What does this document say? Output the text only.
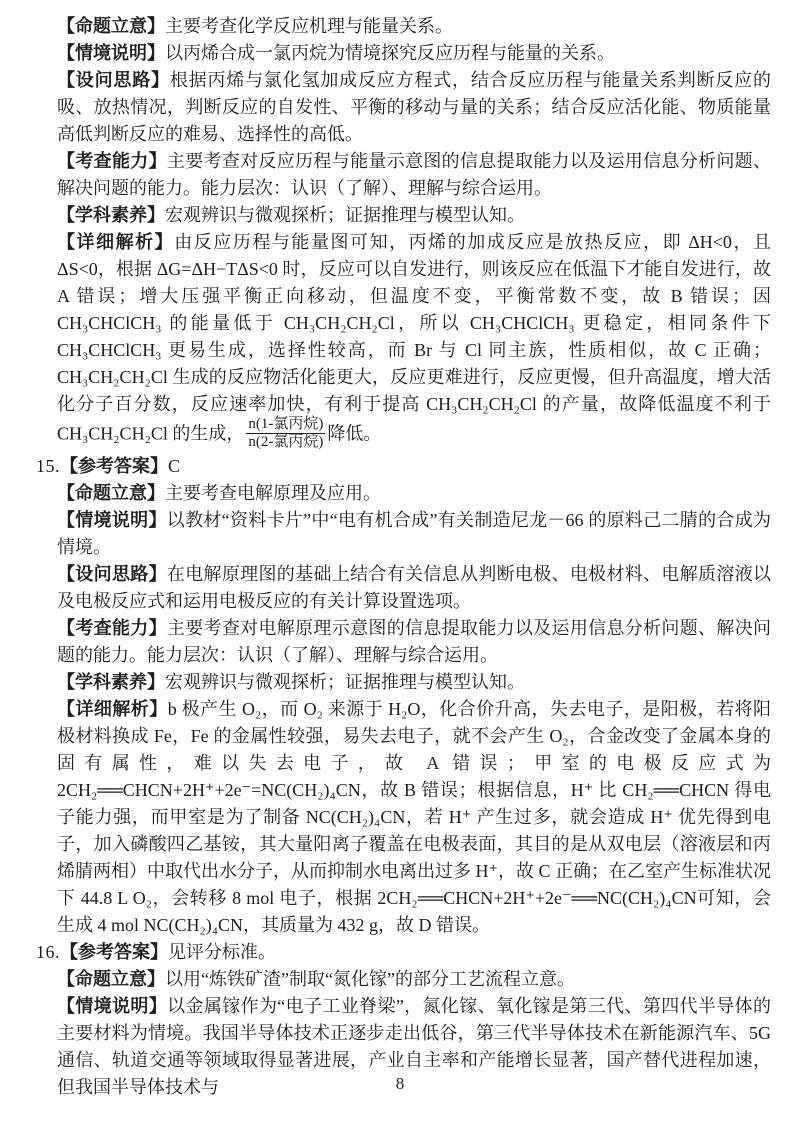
【命题立意】主要考查化学反应机理与能量关系。

【情境说明】以丙烯合成一氯丙烷为情境探究反应历程与能量的关系。

【设问思路】根据丙烯与氯化氢加成反应方程式，结合反应历程与能量关系判断反应的吸、放热情况，判断反应的自发性、平衡的移动与量的关系；结合反应活化能、物质能量高低判断反应的难易、选择性的高低。

【考查能力】主要考查对反应历程与能量示意图的信息提取能力以及运用信息分析问题、解决问题的能力。能力层次：认识（了解）、理解与综合运用。

【学科素养】宏观辨识与微观探析；证据推理与模型认知。

【详细解析】由反应历程与能量图可知，丙烯的加成反应是放热反应，即 ΔH<0，且 ΔS<0，根据 ΔG=ΔH−TΔS<0 时，反应可以自发进行，则该反应在低温下才能自发进行，故 A 错误；增大压强平衡正向移动，但温度不变，平衡常数不变，故 B 错误；因 CH₃CHClCH₃ 的能量低于 CH₃CH₂CH₂Cl，所以 CH₃CHClCH₃ 更稳定，相同条件下 CH₃CHClCH₃ 更易生成，选择性较高，而 Br 与 Cl 同主族，性质相似，故 C 正确；CH₃CH₂CH₂Cl 生成的反应物活化能更大，反应更难进行，反应更慢，但升高温度，增大活化分子百分数，反应速率加快，有利于提高 CH₃CH₂CH₂Cl 的产量，故降低温度不利于 CH₃CH₂CH₂Cl 的生成， $\frac{\text{n(1-氯丙烷)}}{\text{n(2-氯丙烷)}}$ 降低。

15.【参考答案】C

【命题立意】主要考查电解原理及应用。

【情境说明】以教材“资料卡片”中“电有机合成”有关制造尼龙－66 的原料己二腈的合成为情境。

【设问思路】在电解原理图的基础上结合有关信息从判断电极、电极材料、电解质溶液以及电极反应式和运用电极反应的有关计算设置选项。

【考查能力】主要考查对电解原理示意图的信息提取能力以及运用信息分析问题、解决问题的能力。能力层次：认识（了解）、理解与综合运用。

【学科素养】宏观辨识与微观探析；证据推理与模型认知。

【详细解析】b 极产生 O₂，而 O₂ 来源于 H₂O，化合价升高，失去电子，是阳极，若将阳极材料换成 Fe，Fe 的金属性较强，易失去电子，就不会产生 O₂，合金改变了金属本身的固有属性，难以失去电子，故 A 错误；甲室的电极反应式为 2CH₂══CHCN+2H⁺+2e⁻=NC(CH₂)₄CN，故 B 错误；根据信息，H⁺ 比 CH₂══CHCN 得电子能力强，而甲室是为了制备 NC(CH₂)₄CN，若 H⁺ 产生过多，就会造成 H⁺ 优先得到电子，加入磷酸四乙基铵，其大量阳离子覆盖在电极表面，其目的是从双电层（溶液层和丙烯腈两相）中取代出水分子，从而抑制水电离出过多 H⁺，故 C 正确；在乙室产生标准状况下 44.8 L O₂，会转移 8 mol 电子，根据 2CH₂══CHCN+2H⁺+2e⁻══NC(CH₂)₄CN可知，会生成 4 mol NC(CH₂)₄CN，其质量为 432 g，故 D 错误。

16.【参考答案】见评分标准。

【命题立意】以用“炼铁矿渣”制取“氮化镓”的部分工艺流程立意。

【情境说明】以金属镓作为“电子工业脊梁”，氮化镓、氧化镓是第三代、第四代半导体的主要材料为情境。我国半导体技术正逐步走出低谷，第三代半导体技术在新能源汽车、5G 通信、轨道交通等领域取得显著进展，产业自主率和产能增长显著，国产替代进程加速，但我国半导体技术与	8
